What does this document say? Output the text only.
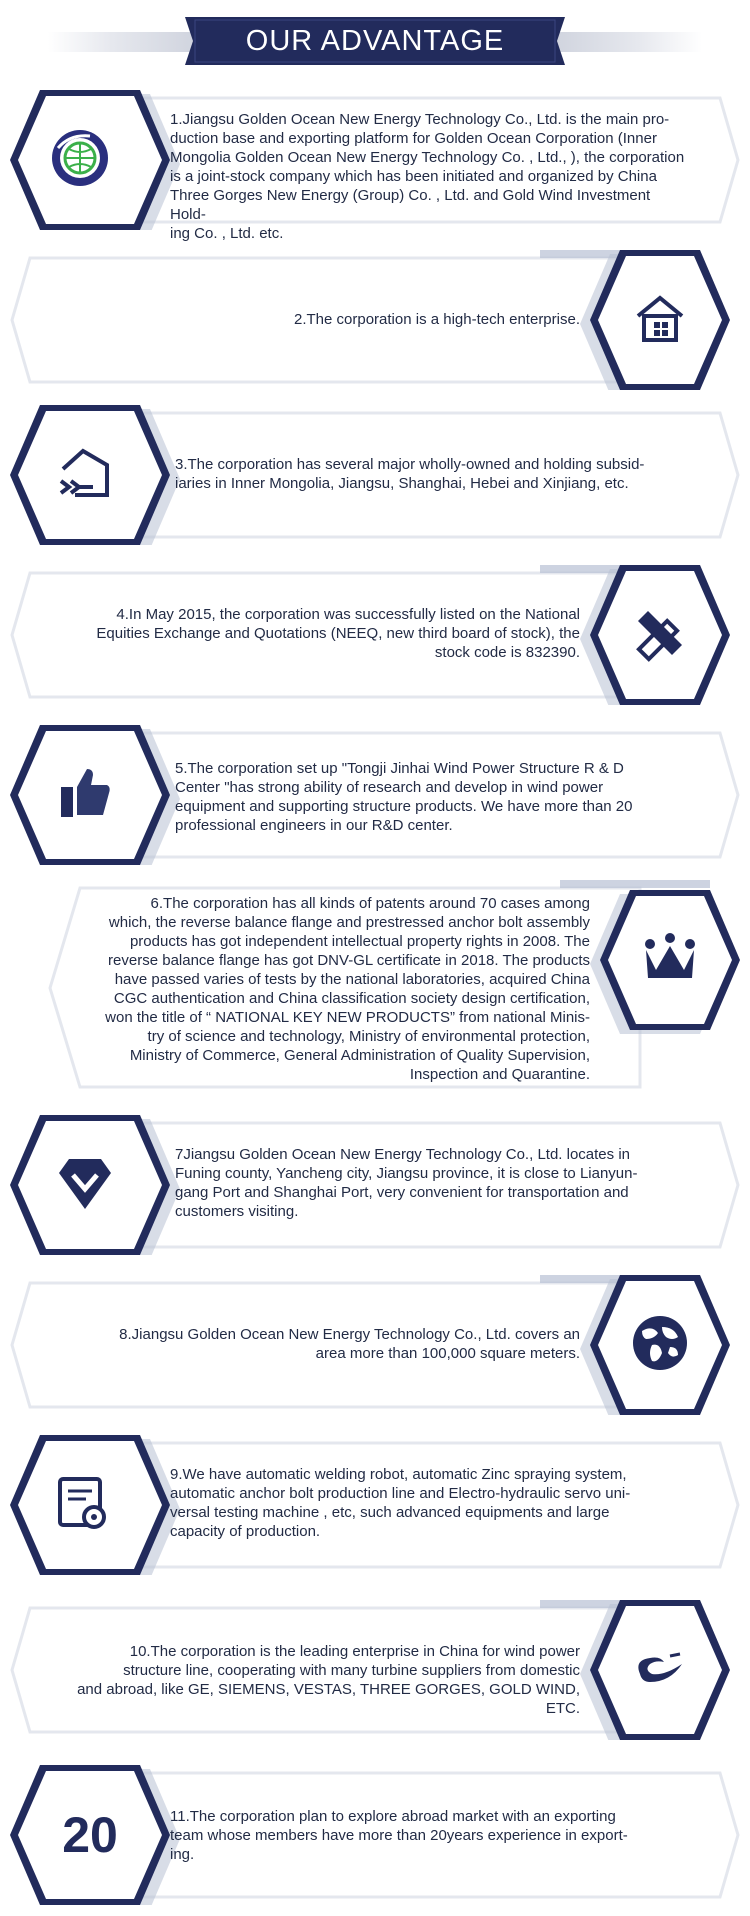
OUR ADVANTAGE

1.Jiangsu Golden Ocean New Energy Technology Co., Ltd. is the main pro-
duction base and exporting platform for Golden Ocean Corporation (Inner
Mongolia Golden Ocean New Energy Technology Co. , Ltd., ), the corporation
is a joint-stock company which has been initiated and organized by China
Three Gorges New Energy (Group) Co. , Ltd. and Gold Wind Investment Hold-
ing Co. , Ltd. etc.

2.The corporation is a high-tech enterprise.

3.The corporation has several major wholly-owned and holding subsid-
iaries in Inner Mongolia, Jiangsu, Shanghai, Hebei and Xinjiang, etc.

4.In May 2015, the corporation was successfully listed on the National
Equities Exchange and Quotations (NEEQ, new third board of stock), the
stock code is 832390.

5.The corporation set up "Tongji Jinhai Wind Power Structure R & D
Center "has strong ability of research and develop in wind power
equipment and supporting structure products. We have more than 20
professional engineers in our R&D center.

6.The corporation has all kinds of patents around 70 cases among
which, the reverse balance flange and prestressed anchor bolt assembly
products has got independent intellectual property rights in 2008. The
reverse balance flange has got DNV-GL certificate in 2018. The products
have passed varies of tests by the national laboratories, acquired China
CGC authentication and China classification society design certification,
won the title of “ NATIONAL KEY NEW PRODUCTS” from national Minis-
try of science and technology, Ministry of environmental protection,
Ministry of Commerce, General Administration of Quality Supervision,
Inspection and Quarantine.

7Jiangsu Golden Ocean New Energy Technology Co., Ltd. locates in
Funing county, Yancheng city, Jiangsu province, it is close to Lianyun-
gang Port and Shanghai Port, very convenient for transportation and
customers visiting.

8.Jiangsu Golden Ocean New Energy Technology Co., Ltd. covers an
area more than 100,000 square meters.

9.We have automatic welding robot, automatic Zinc spraying system,
automatic anchor bolt production line and Electro-hydraulic servo uni-
versal testing machine , etc, such advanced equipments and large
capacity of production.

10.The corporation is the leading enterprise in China for wind power
structure line, cooperating with many turbine suppliers from domestic
and abroad, like GE, SIEMENS, VESTAS, THREE GORGES, GOLD WIND, ETC.

20	11.The corporation plan to explore abroad market with an exporting
team whose members have more than 20years experience in export-
ing.
